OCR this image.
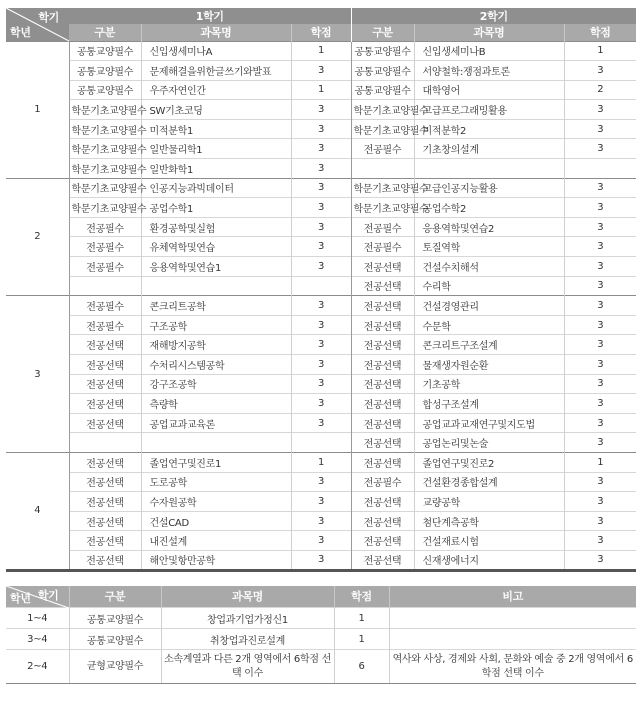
학기
학년	1학기			2학기		
	구분	과목명	학점	구분	과목명	학점
1	공통교양필수	신입생세미나A	1	공통교양필수	신입생세미나B	1
	공통교양필수	문제해결을위한글쓰기와발표	3	공통교양필수	서양철학:쟁점과토론	3
	공통교양필수	우주자연인간	1	공통교양필수	대학영어	2
	학문기초교양필수	SW기초코딩	3	학문기초교양필수	고급프로그래밍활용	3
	학문기초교양필수	미적분학1	3	학문기초교양필수	미적분학2	3
	학문기초교양필수	일반물리학1	3	전공필수	기초창의설계	3
	학문기초교양필수	일반화학1	3			
2	학문기초교양필수	인공지능과빅데이터	3	학문기초교양필수	고급인공지능활용	3
	학문기초교양필수	공업수학1	3	학문기초교양필수	공업수학2	3
	전공필수	환경공학및실험	3	전공필수	응용역학및연습2	3
	전공필수	유체역학및연습	3	전공필수	토질역학	3
	전공필수	응용역학및연습1	3	전공선택	건설수치해석	3
				전공선택	수리학	3
3	전공필수	콘크리트공학	3	전공선택	건설경영관리	3
	전공필수	구조공학	3	전공선택	수문학	3
	전공선택	재해방지공학	3	전공선택	콘크리트구조설계	3
	전공선택	수처리시스템공학	3	전공선택	물재생자원순환	3
	전공선택	강구조공학	3	전공선택	기초공학	3
	전공선택	측량학	3	전공선택	합성구조설계	3
	전공선택	공업교과교육론	3	전공선택	공업교과교재연구및지도법	3
				전공선택	공업논리및논술	3
4	전공선택	졸업연구및진로1	1	전공선택	졸업연구및진로2	1
	전공선택	도로공학	3	전공필수	건설환경종합설계	3
	전공선택	수자원공학	3	전공선택	교량공학	3
	전공선택	건설CAD	3	전공선택	첨단계측공학	3
	전공선택	내진설계	3	전공선택	건설재료시험	3
	전공선택	해안및항만공학	3	전공선택	신재생에너지	3
학기
학년	구분	과목명	학점	비고
1~4	공통교양필수	창업과기업가정신1	1	
3~4	공통교양필수	취창업과진로설계	1	
2~4	균형교양필수	소속계열과 다른 2개 영역에서 6학점 선택 이수	6	역사와 사상, 경제와 사회, 문화와 예술 중 2개 영역에서 6학점 선택 이수
